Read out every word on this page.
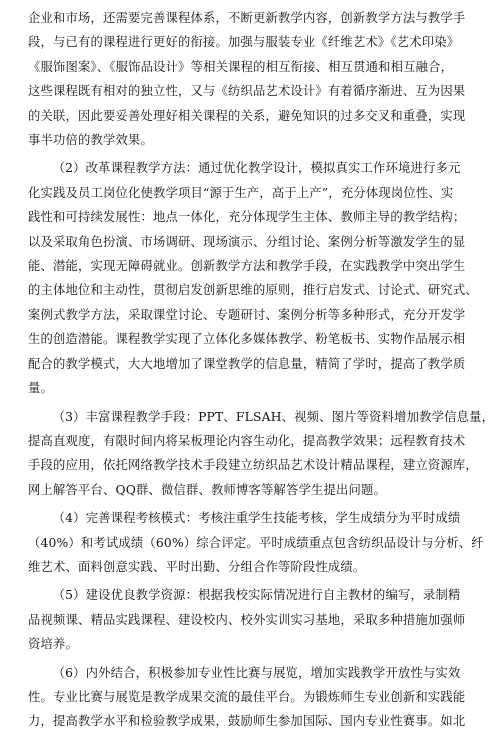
企业和市场，还需要完善课程体系，不断更新教学内容，创新教学方法与教学手
段，与已有的课程进行更好的衔接。加强与服装专业《纤维艺术》《艺术印染》
《服饰图案》、《服饰品设计》等相关课程的相互衔接、相互贯通和相互融合，
这些课程既有相对的独立性，又与《纺织品艺术设计》有着循序渐进、互为因果
的关联，因此要妥善处理好相关课程的关系，避免知识的过多交叉和重叠，实现
事半功倍的教学效果。
（2）改革课程教学方法：通过优化教学设计，模拟真实工作环境进行多元
化实践及员工岗位化使教学项目“源于生产，高于上产”，充分体现岗位性、实
践性和可持续发展性：地点一体化，充分体现学生主体、教师主导的教学结构；
以及采取角色扮演、市场调研、现场演示、分组讨论、案例分析等激发学生的显
能、潜能，实现无障碍就业。创新教学方法和教学手段，在实践教学中突出学生
的主体地位和主动性，贯彻启发创新思维的原则，推行启发式、讨论式、研究式、
案例式教学方法，采取课堂讨论、专题研讨、案例分析等多种形式，充分开发学
生的创造潜能。课程教学实现了立体化多媒体教学、粉笔板书、实物作品展示相
配合的教学模式，大大地增加了课堂教学的信息量，精简了学时，提高了教学质
量。
（3）丰富课程教学手段：PPT、FLSAH、视频、图片等资料增加教学信息量，
提高直观度，有限时间内将呆板理论内容生动化，提高教学效果；远程教育技术
手段的应用，依托网络教学技术手段建立纺织品艺术设计精品课程，建立资源库，
网上解答平台、QQ群、微信群、教师博客等解答学生提出问题。
（4）完善课程考核模式：考核注重学生技能考核，学生成绩分为平时成绩
（40%）和考试成绩（60%）综合评定。平时成绩重点包含纺织品设计与分析、纤
维艺术、面料创意实践、平时出勤、分组合作等阶段性成绩。
（5）建设优良教学资源：根据我校实际情况进行自主教材的编写，录制精
品视频课、精品实践课程、建设校内、校外实训实习基地，采取多种措施加强师
资培养。
（6）内外结合，积极参加专业性比赛与展览，增加实践教学开放性与实效
性。专业比赛与展览是教学成果交流的最佳平台。为锻炼师生专业创新和实践能
力，提高教学水平和检验教学成果，鼓励师生参加国际、国内专业性赛事。如北
